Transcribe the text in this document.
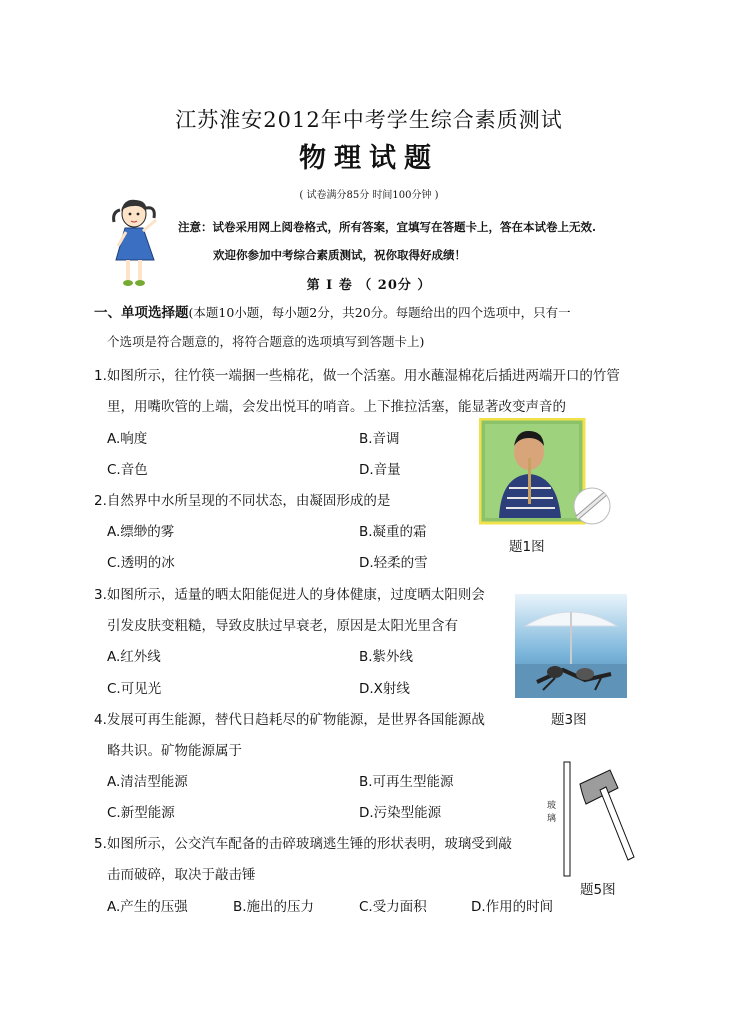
江苏淮安2012年中考学生综合素质测试
物理试题
( 试卷满分85分 时间100分钟 )
注意：试卷采用网上阅卷格式，所有答案，宜填写在答题卡上，答在本试卷上无效.
欢迎你参加中考综合素质测试，祝你取得好成绩！
第 Ⅰ 卷 （ 20分 ）
一、单项选择题(本题10小题，每小题2分，共20分。每题给出的四个选项中，只有一
个选项是符合题意的，将符合题意的选项填写到答题卡上)
1.如图所示，往竹筷一端捆一些棉花，做一个活塞。用水蘸湿棉花后插进两端开口的竹管
里，用嘴吹管的上端，会发出悦耳的哨音。上下推拉活塞，能显著改变声音的
A.响度	B.音调
C.音色	D.音量
题1图
2.自然界中水所呈现的不同状态，由凝固形成的是
A.缥缈的雾	B.凝重的霜
C.透明的冰	D.轻柔的雪
3.如图所示，适量的晒太阳能促进人的身体健康，过度晒太阳则会
引发皮肤变粗糙，导致皮肤过早衰老，原因是太阳光里含有
A.红外线	B.紫外线
C.可见光	D.X射线
题3图
4.发展可再生能源，替代日趋耗尽的矿物能源，是世界各国能源战
略共识。矿物能源属于
A.清洁型能源	B.可再生型能源
C.新型能源	D.污染型能源	玻璃
题5图
5.如图所示，公交汽车配备的击碎玻璃逃生锤的形状表明，玻璃受到敲
击而破碎，取决于敲击锤
A.产生的压强	B.施出的压力	C.受力面积	D.作用的时间
